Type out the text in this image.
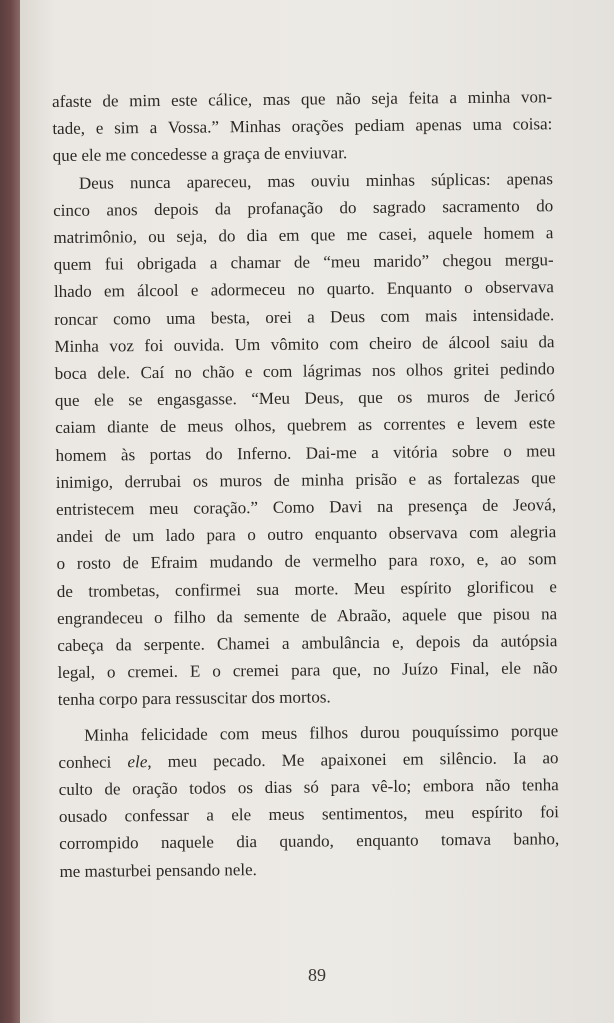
afaste de mim este cálice, mas que não seja feita a minha von-
tade, e sim a Vossa.” Minhas orações pediam apenas uma coisa:
que ele me concedesse a graça de enviuvar.

Deus nunca apareceu, mas ouviu minhas súplicas: apenas
cinco anos depois da profanação do sagrado sacramento do
matrimônio, ou seja, do dia em que me casei, aquele homem a
quem fui obrigada a chamar de “meu marido” chegou mergu-
lhado em álcool e adormeceu no quarto. Enquanto o observava
roncar como uma besta, orei a Deus com mais intensidade.
Minha voz foi ouvida. Um vômito com cheiro de álcool saiu da
boca dele. Caí no chão e com lágrimas nos olhos gritei pedindo
que ele se engasgasse. “Meu Deus, que os muros de Jericó
caiam diante de meus olhos, quebrem as correntes e levem este
homem às portas do Inferno. Dai-me a vitória sobre o meu
inimigo, derrubai os muros de minha prisão e as fortalezas que
entristecem meu coração.” Como Davi na presença de Jeová,
andei de um lado para o outro enquanto observava com alegria
o rosto de Efraim mudando de vermelho para roxo, e, ao som
de trombetas, confirmei sua morte. Meu espírito glorificou e
engrandeceu o filho da semente de Abraão, aquele que pisou na
cabeça da serpente. Chamei a ambulância e, depois da autópsia
legal, o cremei. E o cremei para que, no Juízo Final, ele não
tenha corpo para ressuscitar dos mortos.

Minha felicidade com meus filhos durou pouquíssimo porque
conheci ele, meu pecado. Me apaixonei em silêncio. Ia ao
culto de oração todos os dias só para vê-lo; embora não tenha
ousado confessar a ele meus sentimentos, meu espírito foi
corrompido naquele dia quando, enquanto tomava banho,
me masturbei pensando nele.

89
